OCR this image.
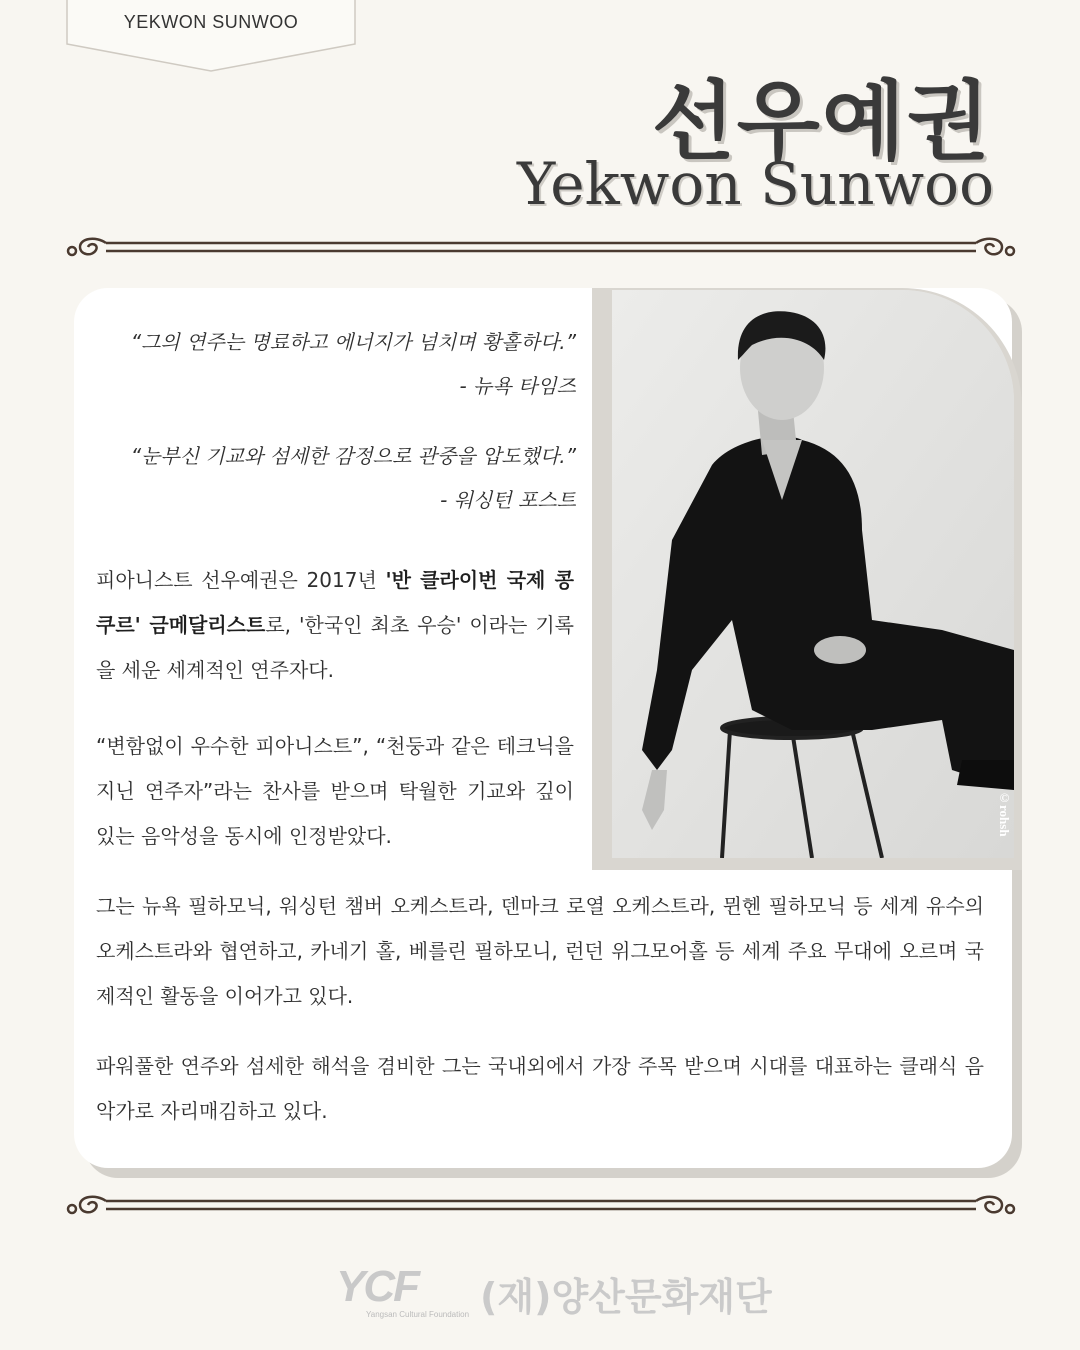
YEKWON SUNWOO
선우예권
Yekwon Sunwoo
©rohsh
“그의 연주는 명료하고 에너지가 넘치며 황홀하다.”
- 뉴욕 타임즈
“눈부신 기교와 섬세한 감정으로 관중을 압도했다.”
- 워싱턴 포스트
피아니스트 선우예권은 2017년 '반 클라이번 국제 콩쿠르' 금메달리스트로, '한국인 최초 우승' 이라는 기록을 세운 세계적인 연주자다.
“변함없이 우수한 피아니스트”, “천둥과 같은 테크닉을 지닌 연주자”라는 찬사를 받으며 탁월한 기교와 깊이 있는 음악성을 동시에 인정받았다.
그는 뉴욕 필하모닉, 워싱턴 챔버 오케스트라, 덴마크 로열 오케스트라, 뮌헨 필하모닉 등 세계 유수의 오케스트라와 협연하고, 카네기 홀, 베를린 필하모니, 런던 위그모어홀 등 세계 주요 무대에 오르며 국제적인 활동을 이어가고 있다.
파워풀한 연주와 섬세한 해석을 겸비한 그는 국내외에서 가장 주목 받으며 시대를 대표하는 클래식 음악가로 자리매김하고 있다.
YCF
Yangsan Cultural Foundation (재)양산문화재단
